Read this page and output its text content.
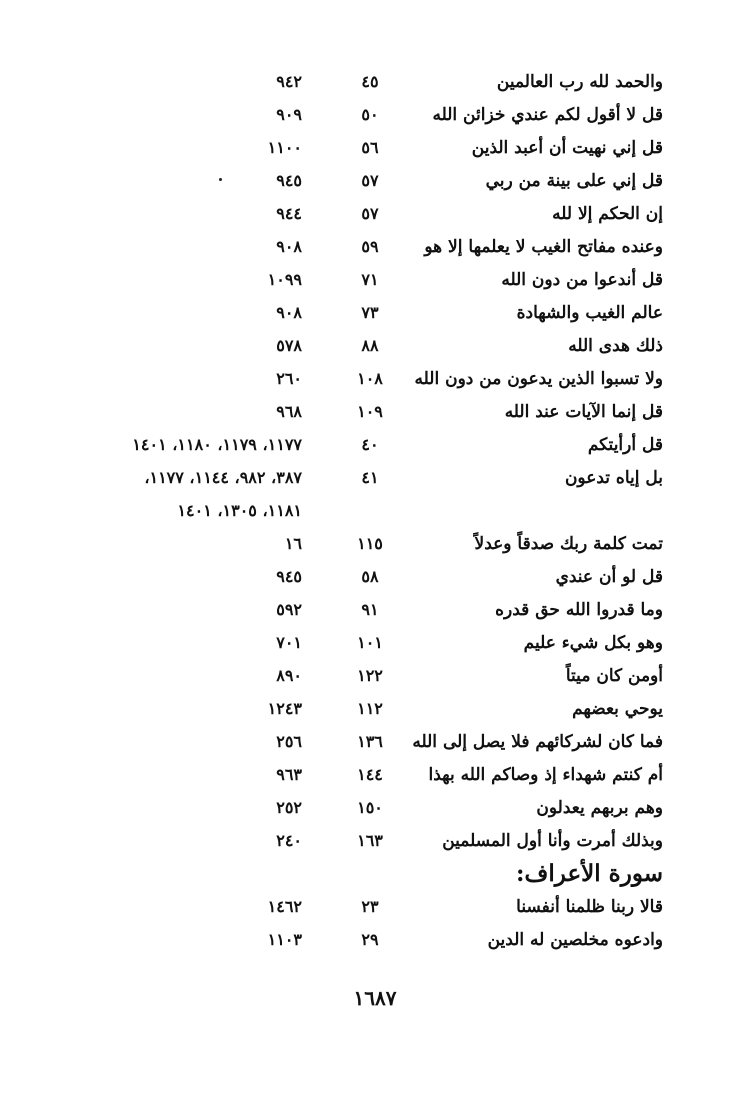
والحمد لله رب العالمين
٤٥
٩٤٢
قل لا أقول لكم عندي خزائن الله
٥٠
٩٠٩
قل إني نهيت أن أعبد الذين
٥٦
١١٠٠
قل إني على بينة من ربي
٥٧
٩٤٥
إن الحكم إلا لله
٥٧
٩٤٤
وعنده مفاتح الغيب لا يعلمها إلا هو
٥٩
٩٠٨
قل أندعوا من دون الله
٧١
١٠٩٩
عالم الغيب والشهادة
٧٣
٩٠٨
ذلك هدى الله
٨٨
٥٧٨
ولا تسبوا الذين يدعون من دون الله
١٠٨
٢٦٠
قل إنما الآيات عند الله
١٠٩
٩٦٨
قل أرأيتكم
٤٠
١١٧٧، ١١٧٩، ١١٨٠، ١٤٠١
بل إياه تدعون
٤١
٣٨٧، ٩٨٢، ١١٤٤، ١١٧٧،
١١٨١، ١٣٠٥، ١٤٠١
تمت كلمة ربك صدقاً وعدلاً
١١٥
١٦
قل لو أن عندي
٥٨
٩٤٥
وما قدروا الله حق قدره
٩١
٥٩٢
وهو بكل شيء عليم
١٠١
٧٠١
أومن كان ميتاً
١٢٢
٨٩٠
يوحي بعضهم
١١٢
١٢٤٣
فما كان لشركائهم فلا يصل إلى الله
١٣٦
٢٥٦
أم كنتم شهداء إذ وصاكم الله بهذا
١٤٤
٩٦٣
وهم بربهم يعدلون
١٥٠
٢٥٢
وبذلك أمرت وأنا أول المسلمين
١٦٣
٢٤٠
سورة الأعراف:
قالا ربنا ظلمنا أنفسنا
٢٣
١٤٦٢
وادعوه مخلصين له الدين
٢٩
١١٠٣
١٦٨٧
